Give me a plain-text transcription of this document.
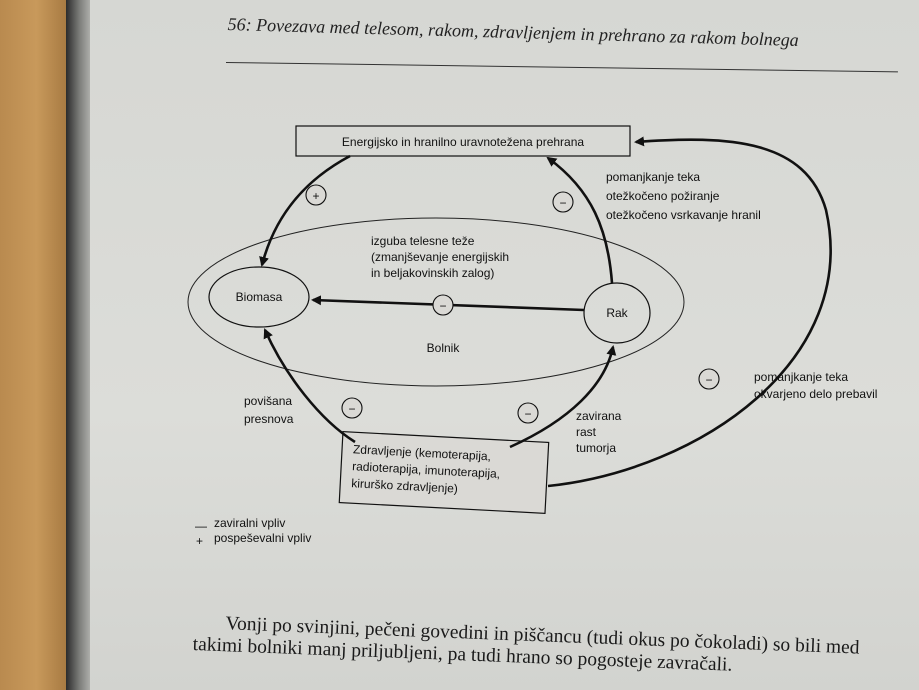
56: Povezava med telesom, rakom, zdravljenjem in prehrano za rakom bolnega
Energijsko in hranilno uravnotežena prehrana
Biomasa
Rak
Bolnik
izguba telesne teže
(zmanjševanje energijskih
in beljakovinskih zalog)
−
+	−
pomanjkanje teka
otežkočeno požiranje
otežkočeno vsrkavanje hranil
Zdravljenje (kemoterapija,
radioterapija, imunoterapija,
kirurško zdravljenje)
−
povišana
presnova	−	zavirana
rast
tumorja
−	pomanjkanje teka
okvarjeno delo prebavil
— zaviralni vpliv
+ pospeševalni vpliv

Vonji po svinjini, pečeni govedini in piščancu (tudi okus po čokoladi) so bili med takimi bolniki manj priljubljeni, pa tudi hrano so pogosteje zavračali.
